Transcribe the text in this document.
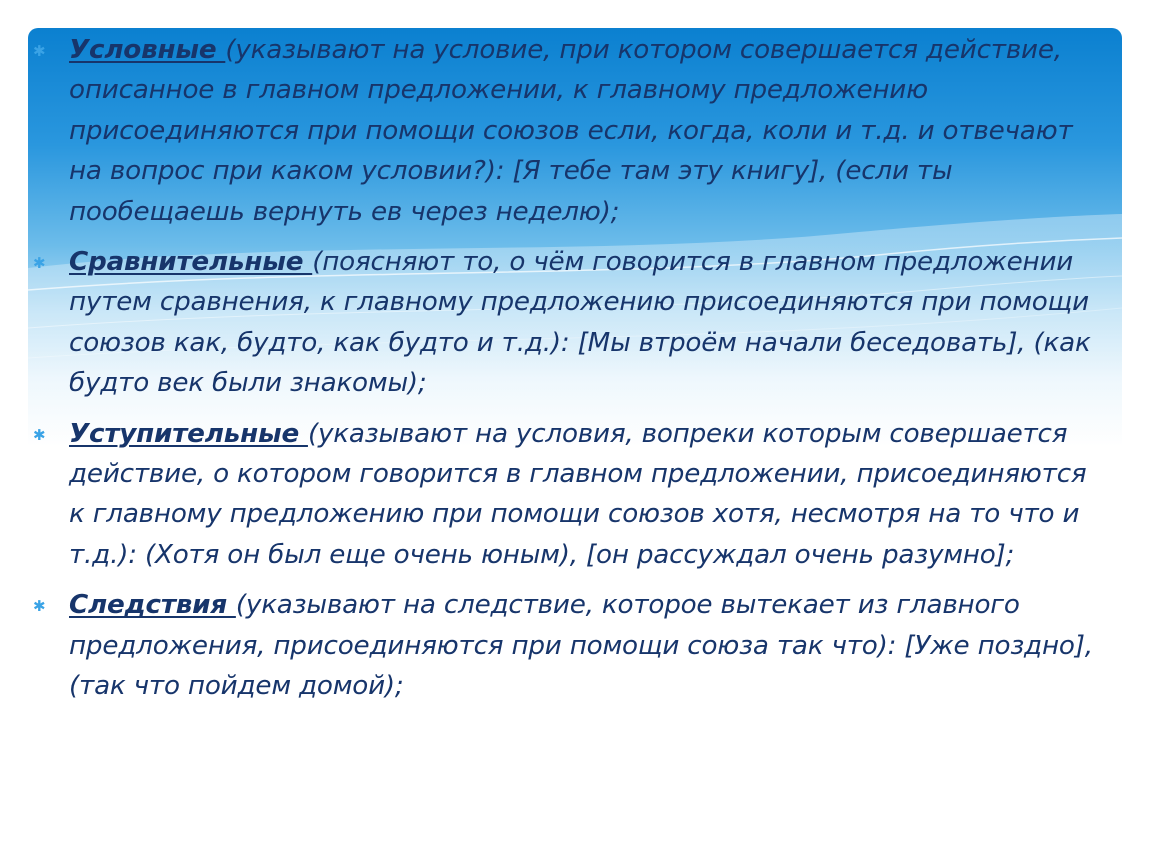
✱ Условные (указывают на условие, при котором совершается действие, описанное в главном предложении, к главному предложению присоединяются при помощи союзов если, когда, коли и т.д. и отвечают на вопрос при каком условии?): [Я тебе там эту книгу], (если ты пообещаешь вернуть ев через неделю);
✱ Сравнительные (поясняют то, о чём говорится в главном предложении путем сравнения, к главному предложению присоединяются при помощи союзов как, будто, как будто и т.д.): [Мы втроём начали беседовать], (как будто век были знакомы);
✱ Уступительные (указывают на условия, вопреки которым совершается действие, о котором говорится в главном предложении, присоединяются к главному предложению при помощи союзов хотя, несмотря на то что и т.д.): (Хотя он был еще очень юным), [он рассуждал очень разумно];
✱ Следствия (указывают на следствие, которое вытекает из главного предложения, присоединяются при помощи союза так что): [Уже поздно], (так что пойдем домой);
